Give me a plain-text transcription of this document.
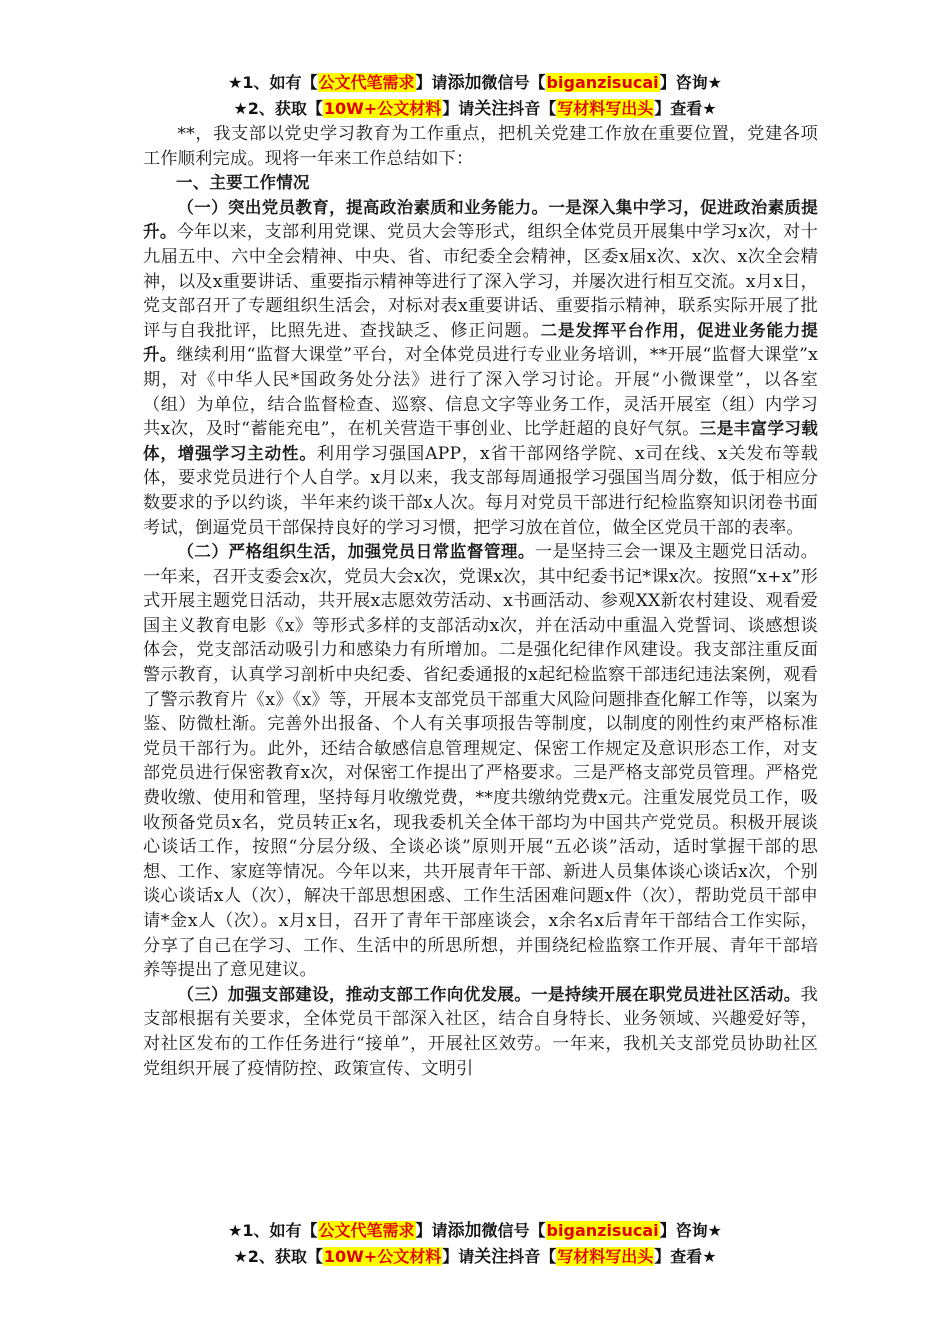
★1、如有【公文代笔需求】请添加微信号【biganzisucai】咨询★
★2、获取【10W+公文材料】请关注抖音【写材料写出头】查看★

**，我支部以党史学习教育为工作重点，把机关党建工作放在重要位置，党建各项工作顺利完成。现将一年来工作总结如下：

一、主要工作情况

（一）突出党员教育，提高政治素质和业务能力。一是深入集中学习，促进政治素质提升。今年以来，支部利用党课、党员大会等形式，组织全体党员开展集中学习x次，对十九届五中、六中全会精神、中央、省、市纪委全会精神，区委x届x次、x次、x次全会精神，以及x重要讲话、重要指示精神等进行了深入学习，并屡次进行相互交流。x月x日，党支部召开了专题组织生活会，对标对表x重要讲话、重要指示精神，联系实际开展了批评与自我批评，比照先进、查找缺乏、修正问题。二是发挥平台作用，促进业务能力提升。继续利用“监督大课堂”平台，对全体党员进行专业业务培训，**开展“监督大课堂”x期，对《中华人民*国政务处分法》进行了深入学习讨论。开展“小微课堂”，以各室（组）为单位，结合监督检查、巡察、信息文字等业务工作，灵活开展室（组）内学习共x次，及时“蓄能充电”，在机关营造干事创业、比学赶超的良好气氛。三是丰富学习载体，增强学习主动性。利用学习强国APP，x省干部网络学院、x司在线、x关发布等载体，要求党员进行个人自学。x月以来，我支部每周通报学习强国当周分数，低于相应分数要求的予以约谈，半年来约谈干部x人次。每月对党员干部进行纪检监察知识闭卷书面考试，倒逼党员干部保持良好的学习习惯，把学习放在首位，做全区党员干部的表率。

（二）严格组织生活，加强党员日常监督管理。一是坚持三会一课及主题党日活动。一年来，召开支委会x次，党员大会x次，党课x次，其中纪委书记*课x次。按照“x+x”形式开展主题党日活动，共开展x志愿效劳活动、x书画活动、参观XX新农村建设、观看爱国主义教育电影《x》等形式多样的支部活动x次，并在活动中重温入党誓词、谈感想谈体会，党支部活动吸引力和感染力有所增加。二是强化纪律作风建设。我支部注重反面警示教育，认真学习剖析中央纪委、省纪委通报的x起纪检监察干部违纪违法案例，观看了警示教育片《x》《x》等，开展本支部党员干部重大风险问题排查化解工作等，以案为鉴、防微杜渐。完善外出报备、个人有关事项报告等制度，以制度的刚性约束严格标准党员干部行为。此外，还结合敏感信息管理规定、保密工作规定及意识形态工作，对支部党员进行保密教育x次，对保密工作提出了严格要求。三是严格支部党员管理。严格党费收缴、使用和管理，坚持每月收缴党费，**度共缴纳党费x元。注重发展党员工作，吸收预备党员x名，党员转正x名，现我委机关全体干部均为中国共产党党员。积极开展谈心谈话工作，按照“分层分级、全谈必谈”原则开展“五必谈”活动，适时掌握干部的思想、工作、家庭等情况。今年以来，共开展青年干部、新进人员集体谈心谈话x次，个别谈心谈话x人（次），解决干部思想困惑、工作生活困难问题x件（次），帮助党员干部申请*金x人（次）。x月x日，召开了青年干部座谈会，x余名x后青年干部结合工作实际，分享了自己在学习、工作、生活中的所思所想，并围绕纪检监察工作开展、青年干部培养等提出了意见建议。

（三）加强支部建设，推动支部工作向优发展。一是持续开展在职党员进社区活动。我支部根据有关要求，全体党员干部深入社区，结合自身特长、业务领域、兴趣爱好等，对社区发布的工作任务进行“接单”，开展社区效劳。一年来，我机关支部党员协助社区党组织开展了疫情防控、政策宣传、文明引

★1、如有【公文代笔需求】请添加微信号【biganzisucai】咨询★
★2、获取【10W+公文材料】请关注抖音【写材料写出头】查看★
